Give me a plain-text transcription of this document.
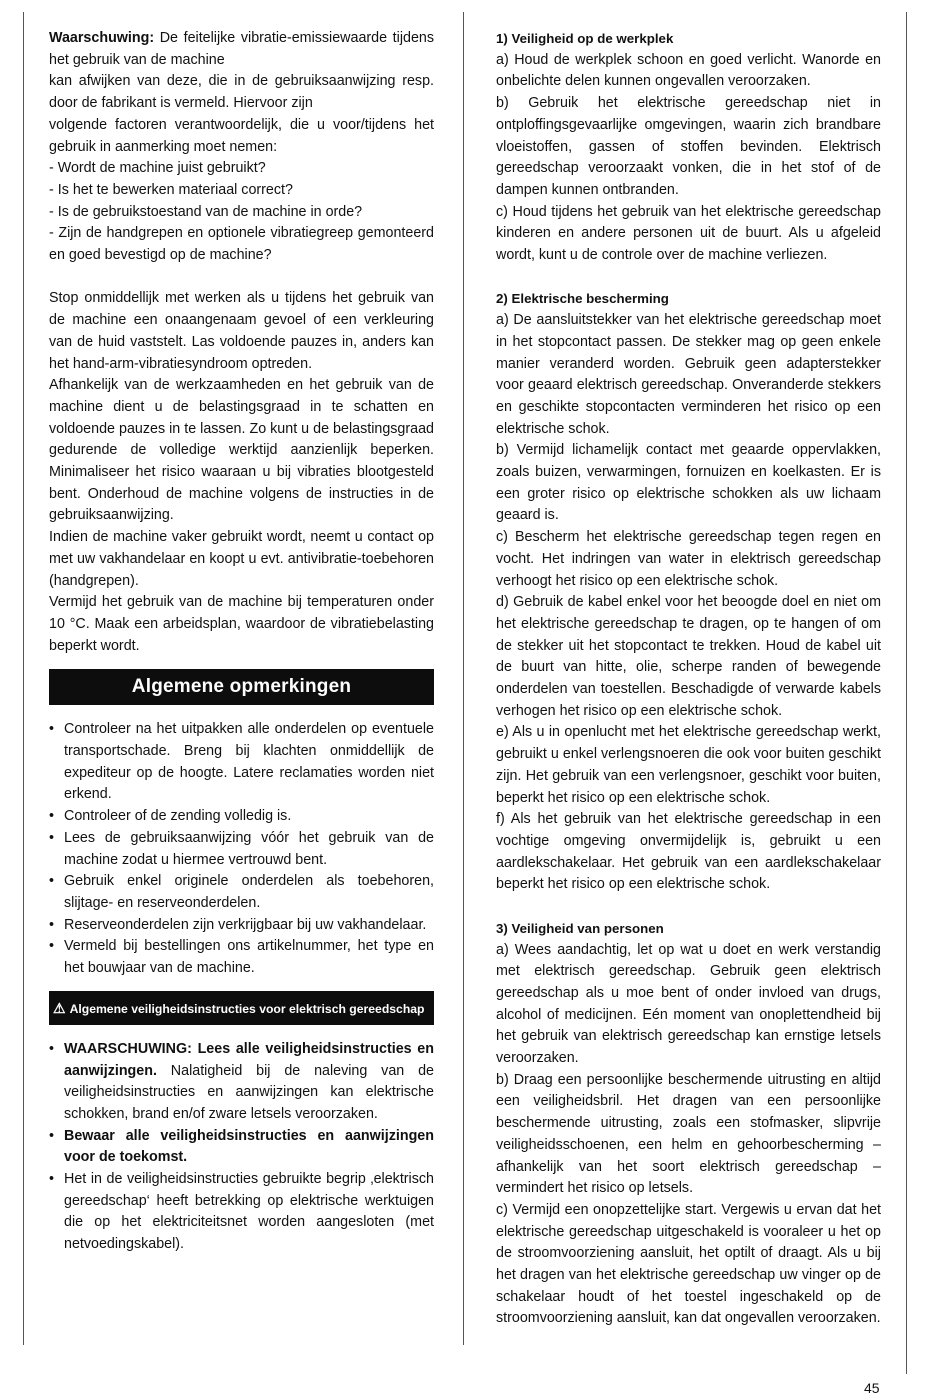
Waarschuwing: De feitelijke vibratie-emissiewaarde tijdens het gebruik van de machine

kan afwijken van deze, die in de gebruiksaanwijzing resp. door de fabrikant is vermeld. Hiervoor zijn

volgende factoren verantwoordelijk, die u voor/tijdens het gebruik in aanmerking moet nemen:

- Wordt de machine juist gebruikt?

- Is het te bewerken materiaal correct?

- Is de gebruikstoestand van de machine in orde?

- Zijn de handgrepen en optionele vibratiegreep gemonteerd en goed bevestigd op de machine?

Stop onmiddellijk met werken als u tijdens het gebruik van de machine een onaangenaam gevoel of een verkleuring van de huid vaststelt. Las voldoende pauzes in, anders kan het hand-arm-vibratiesyndroom optreden.

Afhankelijk van de werkzaamheden en het gebruik van de machine dient u de belastingsgraad in te schatten en voldoende pauzes in te lassen. Zo kunt u de belastingsgraad gedurende de volledige werktijd aanzienlijk beperken. Minimaliseer het risico waaraan u bij vibraties blootgesteld bent. Onderhoud de machine volgens de instructies in de gebruiksaanwijzing.

Indien de machine vaker gebruikt wordt, neemt u contact op met uw vakhandelaar en koopt u evt. antivibratie-toebehoren (handgrepen).

Vermijd het gebruik van de machine bij temperaturen onder 10 °C. Maak een arbeidsplan, waardoor de vibratiebelasting beperkt wordt.

Algemene opmerkingen
• Controleer na het uitpakken alle onderdelen op eventuele transportschade. Breng bij klachten onmiddellijk de expediteur op de hoogte. Latere reclamaties worden niet erkend.
• Controleer of de zending volledig is.
• Lees de gebruiksaanwijzing vóór het gebruik van de machine zodat u hiermee vertrouwd bent.
• Gebruik enkel originele onderdelen als toebehoren, slijtage- en reserveonderdelen.
• Reserveonderdelen zijn verkrijgbaar bij uw vakhandelaar.
• Vermeld bij bestellingen ons artikelnummer, het type en het bouwjaar van de machine.
⚠ Algemene veiligheidsinstructies voor elektrisch gereedschap
• WAARSCHUWING: Lees alle veiligheidsinstructies en aanwijzingen. Nalatigheid bij de naleving van de veiligheidsinstructies en aanwijzingen kan elektrische schokken, brand en/of zware letsels veroorzaken.
• Bewaar alle veiligheidsinstructies en aanwijzingen voor de toekomst.
• Het in de veiligheidsinstructies gebruikte begrip ‚elektrisch gereedschap‘ heeft betrekking op elektrische werktuigen die op het elektriciteitsnet worden aangesloten (met netvoedingskabel).

1) Veiligheid op de werkplek

a) Houd de werkplek schoon en goed verlicht. Wanorde en onbelichte delen kunnen ongevallen veroorzaken.

b) Gebruik het elektrische gereedschap niet in ontploffingsgevaarlijke omgevingen, waarin zich brandbare vloeistoffen, gassen of stoffen bevinden. Elektrisch gereedschap veroorzaakt vonken, die in het stof of de dampen kunnen ontbranden.

c) Houd tijdens het gebruik van het elektrische gereedschap kinderen en andere personen uit de buurt. Als u afgeleid wordt, kunt u de controle over de machine verliezen.

2) Elektrische bescherming

a) De aansluitstekker van het elektrische gereedschap moet in het stopcontact passen. De stekker mag op geen enkele manier veranderd worden. Gebruik geen adapterstekker voor geaard elektrisch gereedschap. Onveranderde stekkers en geschikte stopcontacten verminderen het risico op een elektrische schok.

b) Vermijd lichamelijk contact met geaarde oppervlakken, zoals buizen, verwarmingen, fornuizen en koelkasten. Er is een groter risico op elektrische schokken als uw lichaam geaard is.

c) Bescherm het elektrische gereedschap tegen regen en vocht. Het indringen van water in elektrisch gereedschap verhoogt het risico op een elektrische schok.

d) Gebruik de kabel enkel voor het beoogde doel en niet om het elektrische gereedschap te dragen, op te hangen of om de stekker uit het stopcontact te trekken. Houd de kabel uit de buurt van hitte, olie, scherpe randen of bewegende onderdelen van toestellen. Beschadigde of verwarde kabels verhogen het risico op een elektrische schok.

e) Als u in openlucht met het elektrische gereedschap werkt, gebruikt u enkel verlengsnoeren die ook voor buiten geschikt zijn. Het gebruik van een verlengsnoer, geschikt voor buiten, beperkt het risico op een elektrische schok.

f) Als het gebruik van het elektrische gereedschap in een vochtige omgeving onvermijdelijk is, gebruikt u een aardlekschakelaar. Het gebruik van een aardlekschakelaar beperkt het risico op een elektrische schok.

3) Veiligheid van personen

a) Wees aandachtig, let op wat u doet en werk verstandig met elektrisch gereedschap. Gebruik geen elektrisch gereedschap als u moe bent of onder invloed van drugs, alcohol of medicijnen. Eén moment van onoplettendheid bij het gebruik van elektrisch gereedschap kan ernstige letsels veroorzaken.

b) Draag een persoonlijke beschermende uitrusting en altijd een veiligheidsbril. Het dragen van een persoonlijke beschermende uitrusting, zoals een stofmasker, slipvrije veiligheidsschoenen, een helm en gehoorbescherming – afhankelijk van het soort elektrisch gereedschap – vermindert het risico op letsels.

c) Vermijd een onopzettelijke start. Vergewis u ervan dat het elektrische gereedschap uitgeschakeld is vooraleer u het op de stroomvoorziening aansluit, het optilt of draagt. Als u bij het dragen van het elektrische gereedschap uw vinger op de schakelaar houdt of het toestel ingeschakeld op de stroomvoorziening aansluit, kan dat ongevallen veroorzaken.

45
